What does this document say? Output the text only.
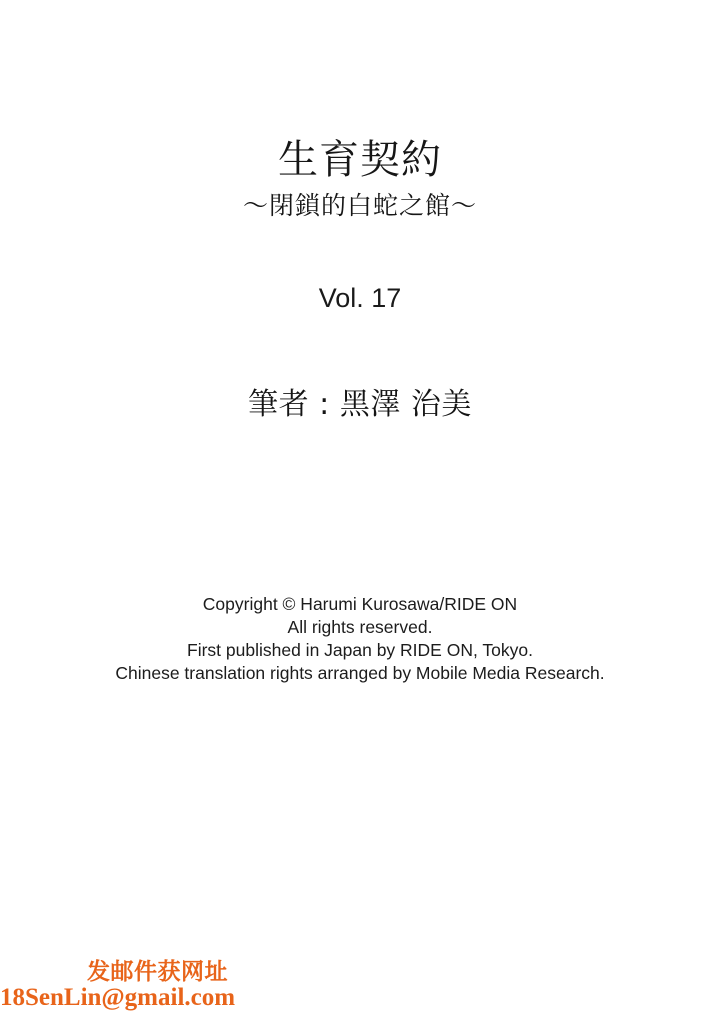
生育契約
～閉鎖的白蛇之館～
Vol. 17
筆者 : 黑澤 治美
Copyright © Harumi Kurosawa/RIDE ON
All rights reserved.
First published in Japan by RIDE ON, Tokyo.
Chinese translation rights arranged by Mobile Media Research.
发邮件获网址
18SenLin@gmail.com
